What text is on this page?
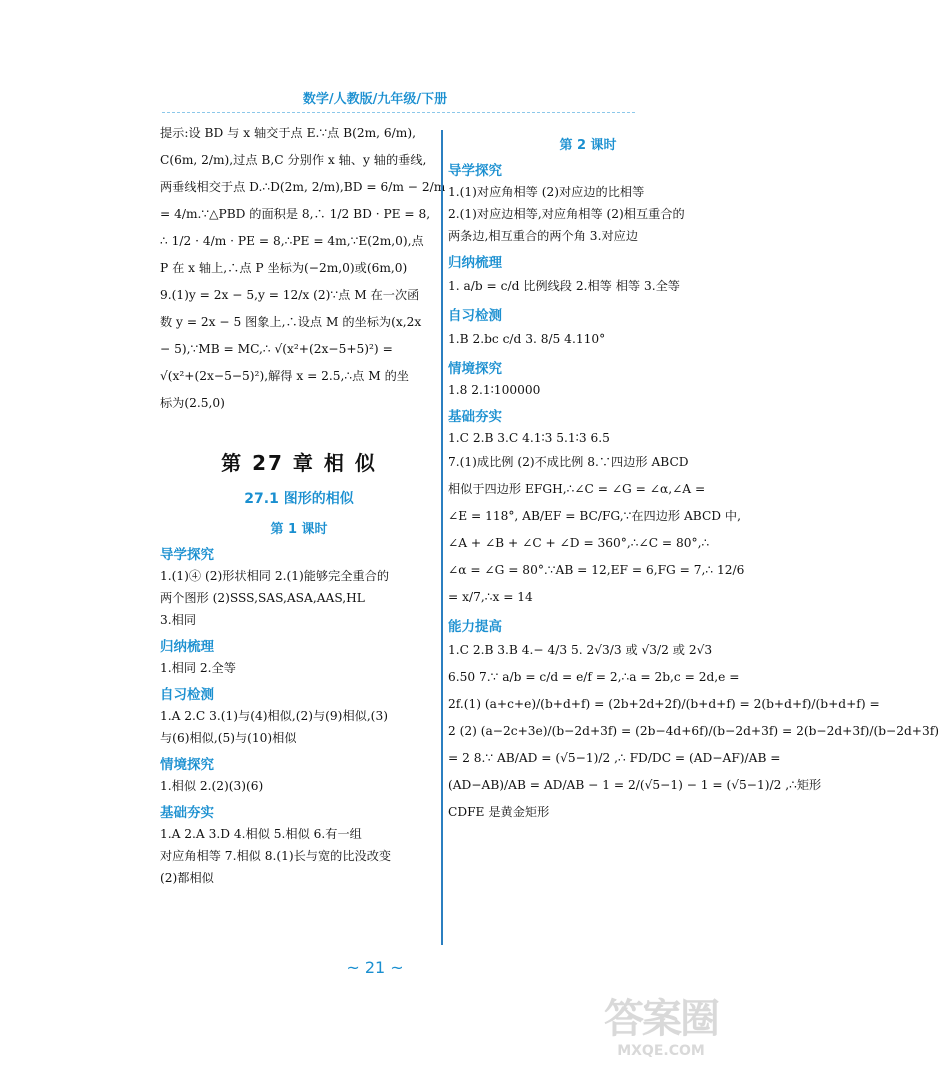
数学/人教版/九年级/下册

提示:设 BD 与 x 轴交于点 E.∵点 B(2m, 6/m),

C(6m, 2/m),过点 B,C 分别作 x 轴、y 轴的垂线,

两垂线相交于点 D.∴D(2m, 2/m),BD = 6/m − 2/m

= 4/m.∵△PBD 的面积是 8,∴ 1/2 BD · PE = 8,

∴ 1/2 · 4/m · PE = 8,∴PE = 4m,∵E(2m,0),点

P 在 x 轴上,∴点 P 坐标为(−2m,0)或(6m,0)

9.(1)y = 2x − 5,y = 12/x (2)∵点 M 在一次函

数 y = 2x − 5 图象上,∴设点 M 的坐标为(x,2x

− 5),∵MB = MC,∴ √(x²+(2x−5+5)²) =

√(x²+(2x−5−5)²),解得 x = 2.5,∴点 M 的坐

标为(2.5,0)

第 27 章 相 似
27.1 图形的相似
第 1 课时
导学探究

1.(1)④ (2)形状相同 2.(1)能够完全重合的

两个图形 (2)SSS,SAS,ASA,AAS,HL

3.相同

归纳梳理

1.相同 2.全等

自习检测

1.A 2.C 3.(1)与(4)相似,(2)与(9)相似,(3)

与(6)相似,(5)与(10)相似

情境探究

1.相似 2.(2)(3)(6)

基础夯实

1.A 2.A 3.D 4.相似 5.相似 6.有一组

对应角相等 7.相似 8.(1)长与宽的比没改变

(2)都相似

第 2 课时
导学探究

1.(1)对应角相等 (2)对应边的比相等

2.(1)对应边相等,对应角相等 (2)相互重合的

两条边,相互重合的两个角 3.对应边

归纳梳理

1. a/b = c/d 比例线段 2.相等 相等 3.全等

自习检测

1.B 2.bc c/d 3. 8/5 4.110°

情境探究

1.8 2.1∶100000

基础夯实

1.C 2.B 3.C 4.1∶3 5.1∶3 6.5

7.(1)成比例 (2)不成比例 8.∵四边形 ABCD

相似于四边形 EFGH,∴∠C = ∠G = ∠α,∠A =

∠E = 118°, AB/EF = BC/FG,∵在四边形 ABCD 中,

∠A + ∠B + ∠C + ∠D = 360°,∴∠C = 80°,∴

∠α = ∠G = 80°.∵AB = 12,EF = 6,FG = 7,∴ 12/6

= x/7,∴x = 14

能力提高

1.C 2.B 3.B 4.− 4/3 5. 2√3/3 或 √3/2 或 2√3

6.50 7.∵ a/b = c/d = e/f = 2,∴a = 2b,c = 2d,e =

2f.(1) (a+c+e)/(b+d+f) = (2b+2d+2f)/(b+d+f) = 2(b+d+f)/(b+d+f) =

2 (2) (a−2c+3e)/(b−2d+3f) = (2b−4d+6f)/(b−2d+3f) = 2(b−2d+3f)/(b−2d+3f)

= 2 8.∵ AB/AD = (√5−1)/2 ,∴ FD/DC = (AD−AF)/AB =

(AD−AB)/AB = AD/AB − 1 = 2/(√5−1) − 1 = (√5−1)/2 ,∴矩形

CDFE 是黄金矩形

~ 21 ~
答案圈
MXQE.COM
